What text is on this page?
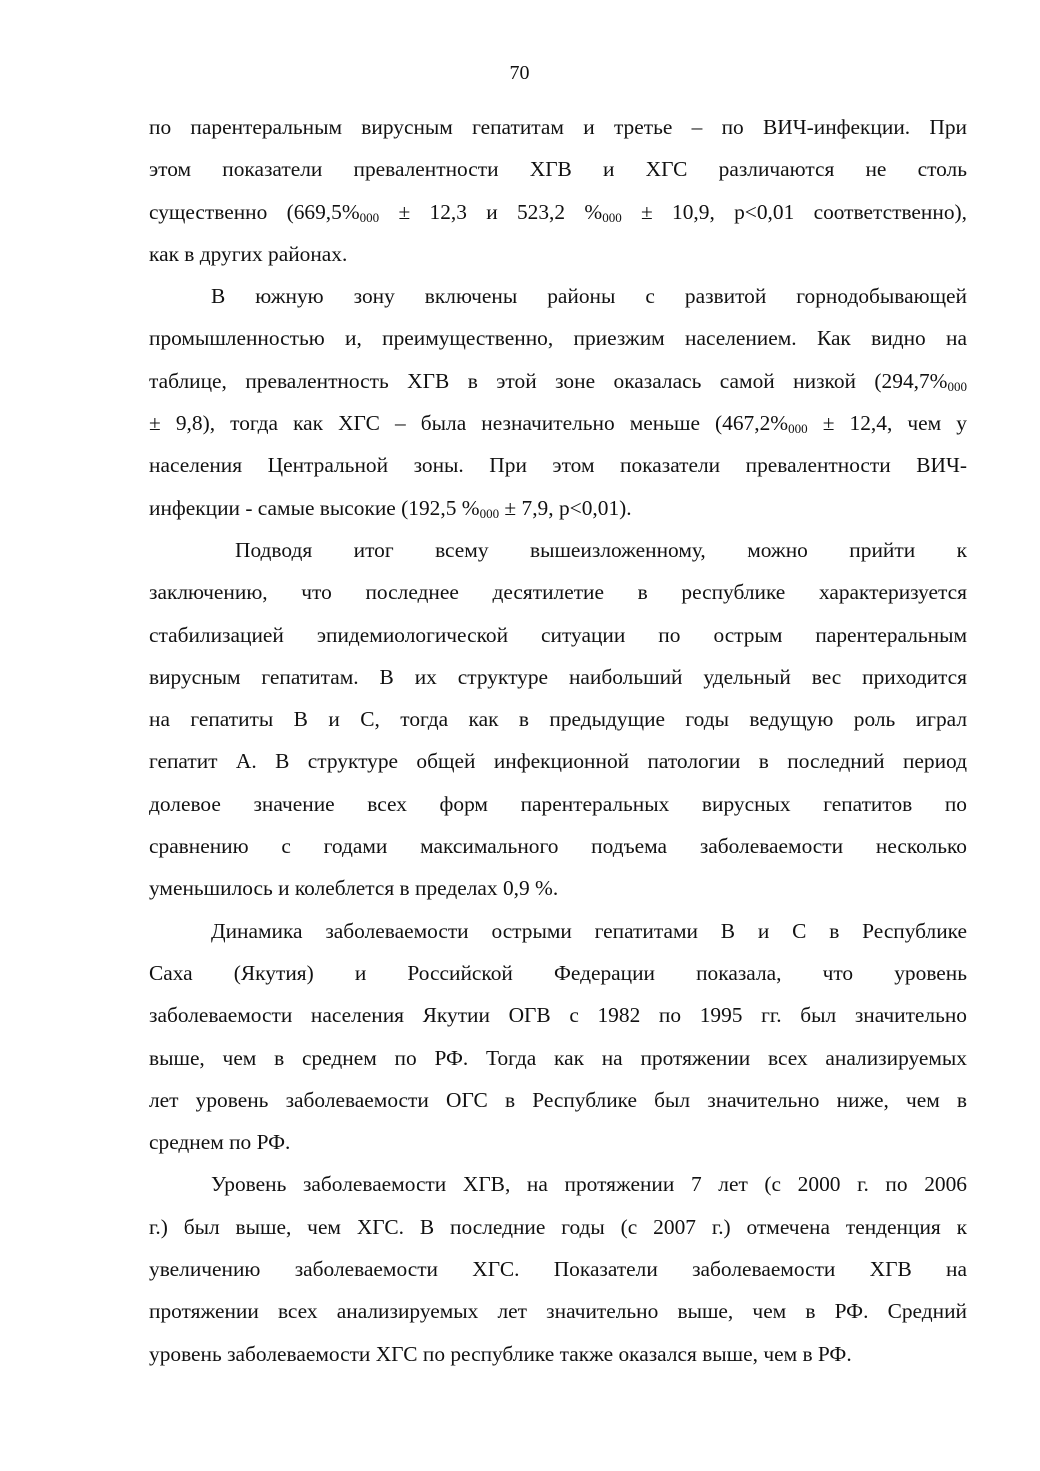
70
по парентеральным вирусным гепатитам и третье – по ВИЧ-инфекции. При
этом показатели превалентности ХГВ и ХГС различаются не столь
существенно ($669,5\%_{000} \pm 12,3$ и 523,2 $\%_{000} \pm 10,9$, р<0,01 соответственно),
как в других районах.
В южную зону включены районы с развитой горнодобывающей
промышленностью и, преимущественно, приезжим населением. Как видно на
таблице, превалентность ХГВ в этой зоне оказалась самой низкой ($294,7\%_{000}$
± 9,8), тогда как ХГС – была незначительно меньше ($467,2\%_{000} \pm 12,4$, чем у
населения Центральной зоны. При этом показатели превалентности ВИЧ-
инфекции - самые высокие (192,5 $\%_{000} \pm 7,9$, р<0,01).
Подводя итог всему вышеизложенному, можно прийти к
заключению, что последнее десятилетие в республике характеризуется
стабилизацией эпидемиологической ситуации по острым парентеральным
вирусным гепатитам. В их структуре наибольший удельный вес приходится
на гепатиты В и С, тогда как в предыдущие годы ведущую роль играл
гепатит А. В структуре общей инфекционной патологии в последний период
долевое значение всех форм парентеральных вирусных гепатитов по
сравнению с годами максимального подъема заболеваемости несколько
уменьшилось и колеблется в пределах 0,9 %.
Динамика заболеваемости острыми гепатитами В и С в Республике
Саха (Якутия) и Российской Федерации показала, что уровень
заболеваемости населения Якутии ОГВ с 1982 по 1995 гг. был значительно
выше, чем в среднем по РФ. Тогда как на протяжении всех анализируемых
лет уровень заболеваемости ОГС в Республике был значительно ниже, чем в
среднем по РФ.
Уровень заболеваемости ХГВ, на протяжении 7 лет (с 2000 г. по 2006
г.) был выше, чем ХГС. В последние годы (с 2007 г.) отмечена тенденция к
увеличению заболеваемости ХГС. Показатели заболеваемости ХГВ на
протяжении всех анализируемых лет значительно выше, чем в РФ. Средний
уровень заболеваемости ХГС по республике также оказался выше, чем в РФ.
